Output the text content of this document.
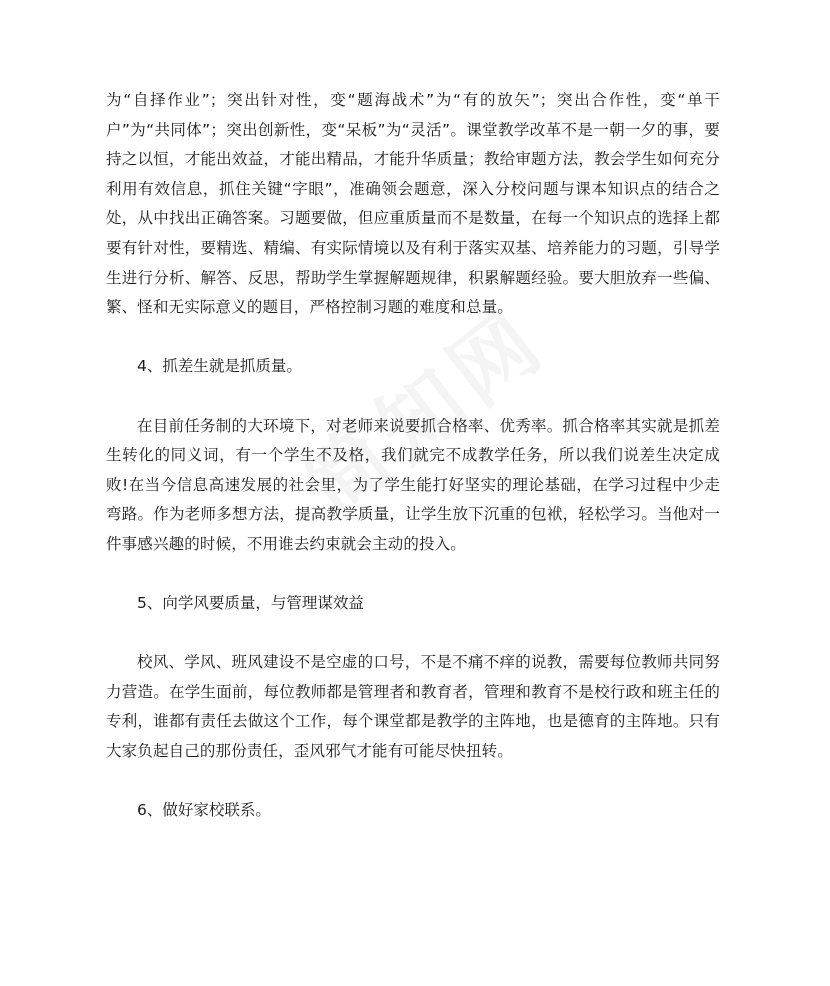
为“自择作业”；突出针对性，变“题海战术”为“有的放矢”；突出合作性，变“单干户”为“共同体”；突出创新性，变“呆板”为“灵活”。课堂教学改革不是一朝一夕的事，要持之以恒，才能出效益，才能出精品，才能升华质量；教给审题方法，教会学生如何充分利用有效信息，抓住关键“字眼”，准确领会题意，深入分校问题与课本知识点的结合之处，从中找出正确答案。习题要做，但应重质量而不是数量，在每一个知识点的选择上都要有针对性，要精选、精编、有实际情境以及有利于落实双基、培养能力的习题，引导学生进行分析、解答、反思，帮助学生掌握解题规律，积累解题经验。要大胆放弃一些偏、繁、怪和无实际意义的题目，严格控制习题的难度和总量。

4、抓差生就是抓质量。

在目前任务制的大环境下，对老师来说要抓合格率、优秀率。抓合格率其实就是抓差生转化的同义词，有一个学生不及格，我们就完不成教学任务，所以我们说差生决定成败!在当今信息高速发展的社会里，为了学生能打好坚实的理论基础，在学习过程中少走弯路。作为老师多想方法，提高教学质量，让学生放下沉重的包袱，轻松学习。当他对一件事感兴趣的时候，不用谁去约束就会主动的投入。

5、向学风要质量，与管理谋效益

校风、学风、班风建设不是空虚的口号，不是不痛不痒的说教，需要每位教师共同努力营造。在学生面前，每位教师都是管理者和教育者，管理和教育不是校行政和班主任的专利，谁都有责任去做这个工作，每个课堂都是教学的主阵地，也是德育的主阵地。只有大家负起自己的那份责任，歪风邪气才能有可能尽快扭转。

6、做好家校联系。
